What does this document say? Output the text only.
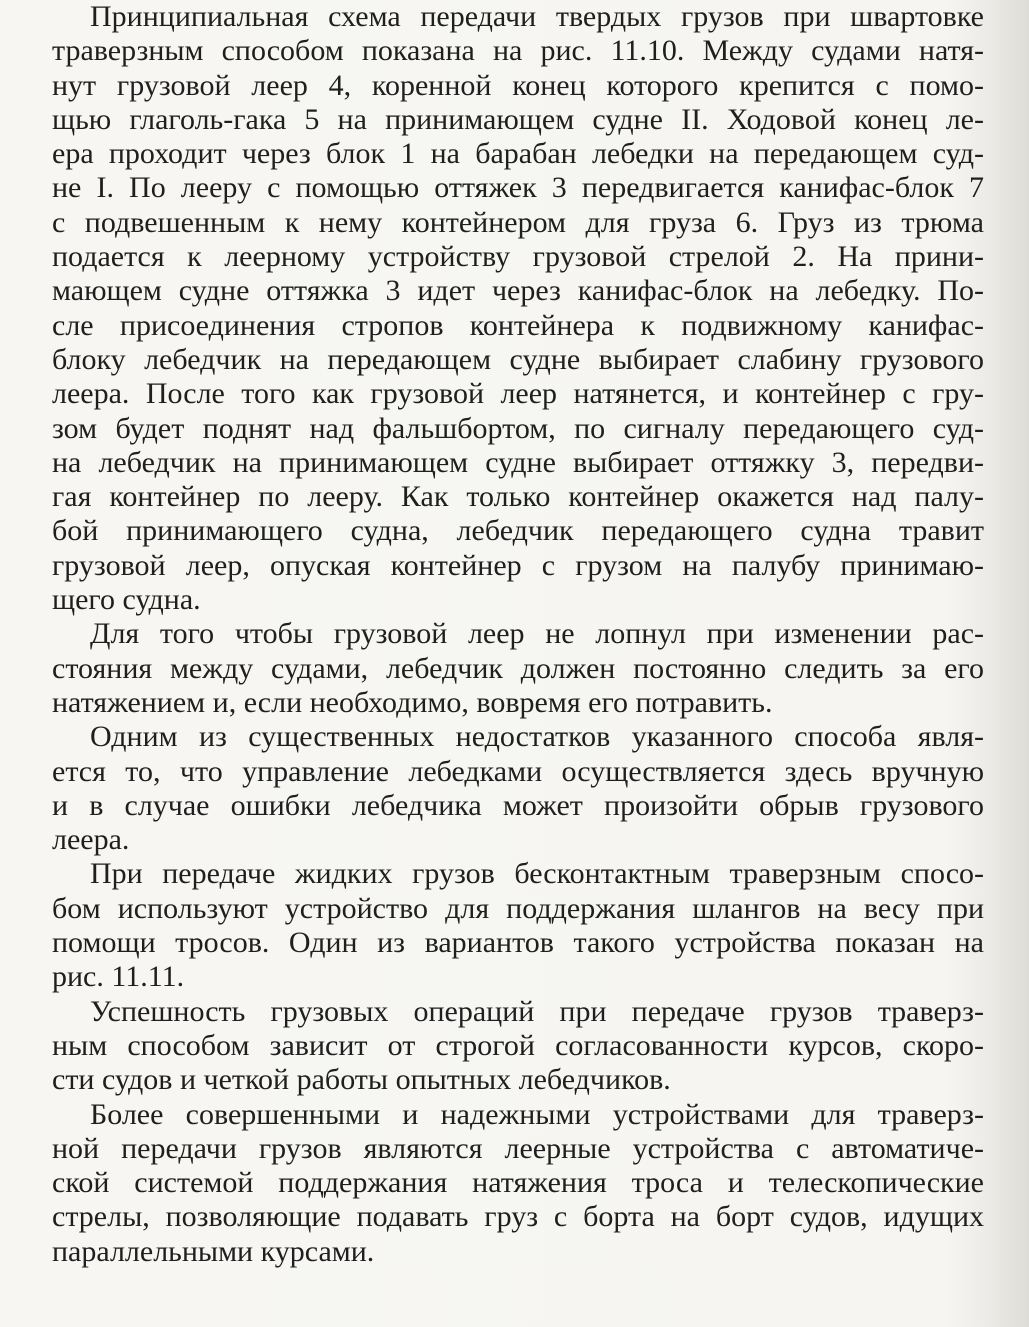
Принципиальная схема передачи твердых грузов при швартовке
траверзным способом показана на рис. 11.10. Между судами натя-
нут грузовой леер 4, коренной конец которого крепится с помо-
щью глаголь-гака 5 на принимающем судне II. Ходовой конец ле-
ера проходит через блок 1 на барабан лебедки на передающем суд-
не I. По лееру с помощью оттяжек 3 передвигается канифас-блок 7
с подвешенным к нему контейнером для груза 6. Груз из трюма
подается к леерному устройству грузовой стрелой 2. На прини-
мающем судне оттяжка 3 идет через канифас-блок на лебедку. По-
сле присоединения стропов контейнера к подвижному канифас-
блоку лебедчик на передающем судне выбирает слабину грузового
леера. После того как грузовой леер натянется, и контейнер с гру-
зом будет поднят над фальшбортом, по сигналу передающего суд-
на лебедчик на принимающем судне выбирает оттяжку 3, передви-
гая контейнер по лееру. Как только контейнер окажется над палу-
бой принимающего судна, лебедчик передающего судна травит
грузовой леер, опуская контейнер с грузом на палубу принимаю-
щего судна.

Для того чтобы грузовой леер не лопнул при изменении рас-
стояния между судами, лебедчик должен постоянно следить за его
натяжением и, если необходимо, вовремя его потравить.

Одним из существенных недостатков указанного способа явля-
ется то, что управление лебедками осуществляется здесь вручную
и в случае ошибки лебедчика может произойти обрыв грузового
леера.

При передаче жидких грузов бесконтактным траверзным спосо-
бом используют устройство для поддержания шлангов на весу при
помощи тросов. Один из вариантов такого устройства показан на
рис. 11.11.

Успешность грузовых операций при передаче грузов траверз-
ным способом зависит от строгой согласованности курсов, скоро-
сти судов и четкой работы опытных лебедчиков.

Более совершенными и надежными устройствами для траверз-
ной передачи грузов являются леерные устройства с автоматиче-
ской системой поддержания натяжения троса и телескопические
стрелы, позволяющие подавать груз с борта на борт судов, идущих
параллельными курсами.
